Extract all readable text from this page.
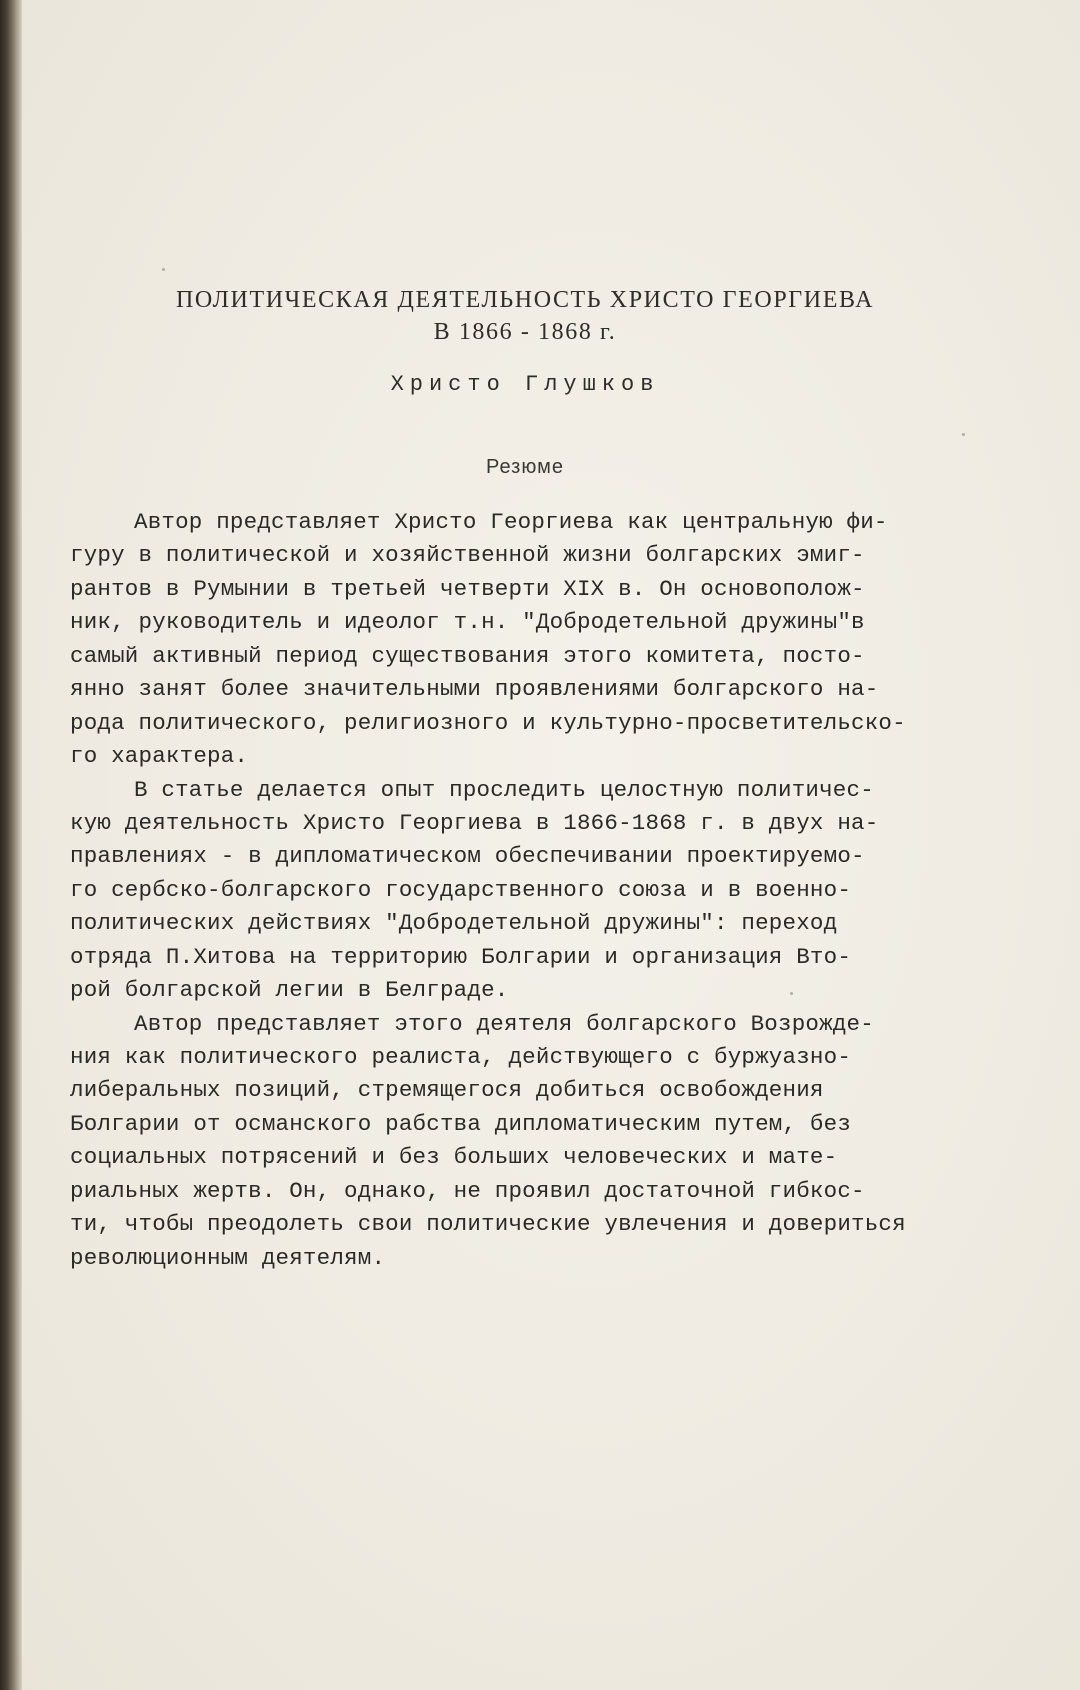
ПОЛИТИЧЕСКАЯ ДЕЯТЕЛЬНОСТЬ ХРИСТО ГЕОРГИЕВА
В 1866 - 1868 г.
Христо Глушков
Резюме
Автор представляет Христо Георгиева как центральную фи-
гуру в политической и хозяйственной жизни болгарских эмиг-
рантов в Румынии в третьей четверти XIX в. Он основополож-
ник, руководитель и идеолог т.н. "Добродетельной дружины"в
самый активный период существования этого комитета, посто-
янно занят более значительными проявлениями болгарского на-
рода политического, религиозного и культурно-просветительско-
го характера.
В статье делается опыт проследить целостную политичес-
кую деятельность Христо Георгиева в 1866-1868 г. в двух на-
правлениях - в дипломатическом обеспечивании проектируемо-
го сербско-болгарского государственного союза и в военно-
политических действиях "Добродетельной дружины": переход
отряда П.Хитова на территорию Болгарии и организация Вто-
рой болгарской легии в Белграде.
Автор представляет этого деятеля болгарского Возрожде-
ния как политического реалиста, действующего с буржуазно-
либеральных позиций, стремящегося добиться освобождения
Болгарии от османского рабства дипломатическим путем, без
социальных потрясений и без больших человеческих и мате-
риальных жертв. Он, однако, не проявил достаточной гибкос-
ти, чтобы преодолеть свои политические увлечения и довериться
революционным деятелям.
